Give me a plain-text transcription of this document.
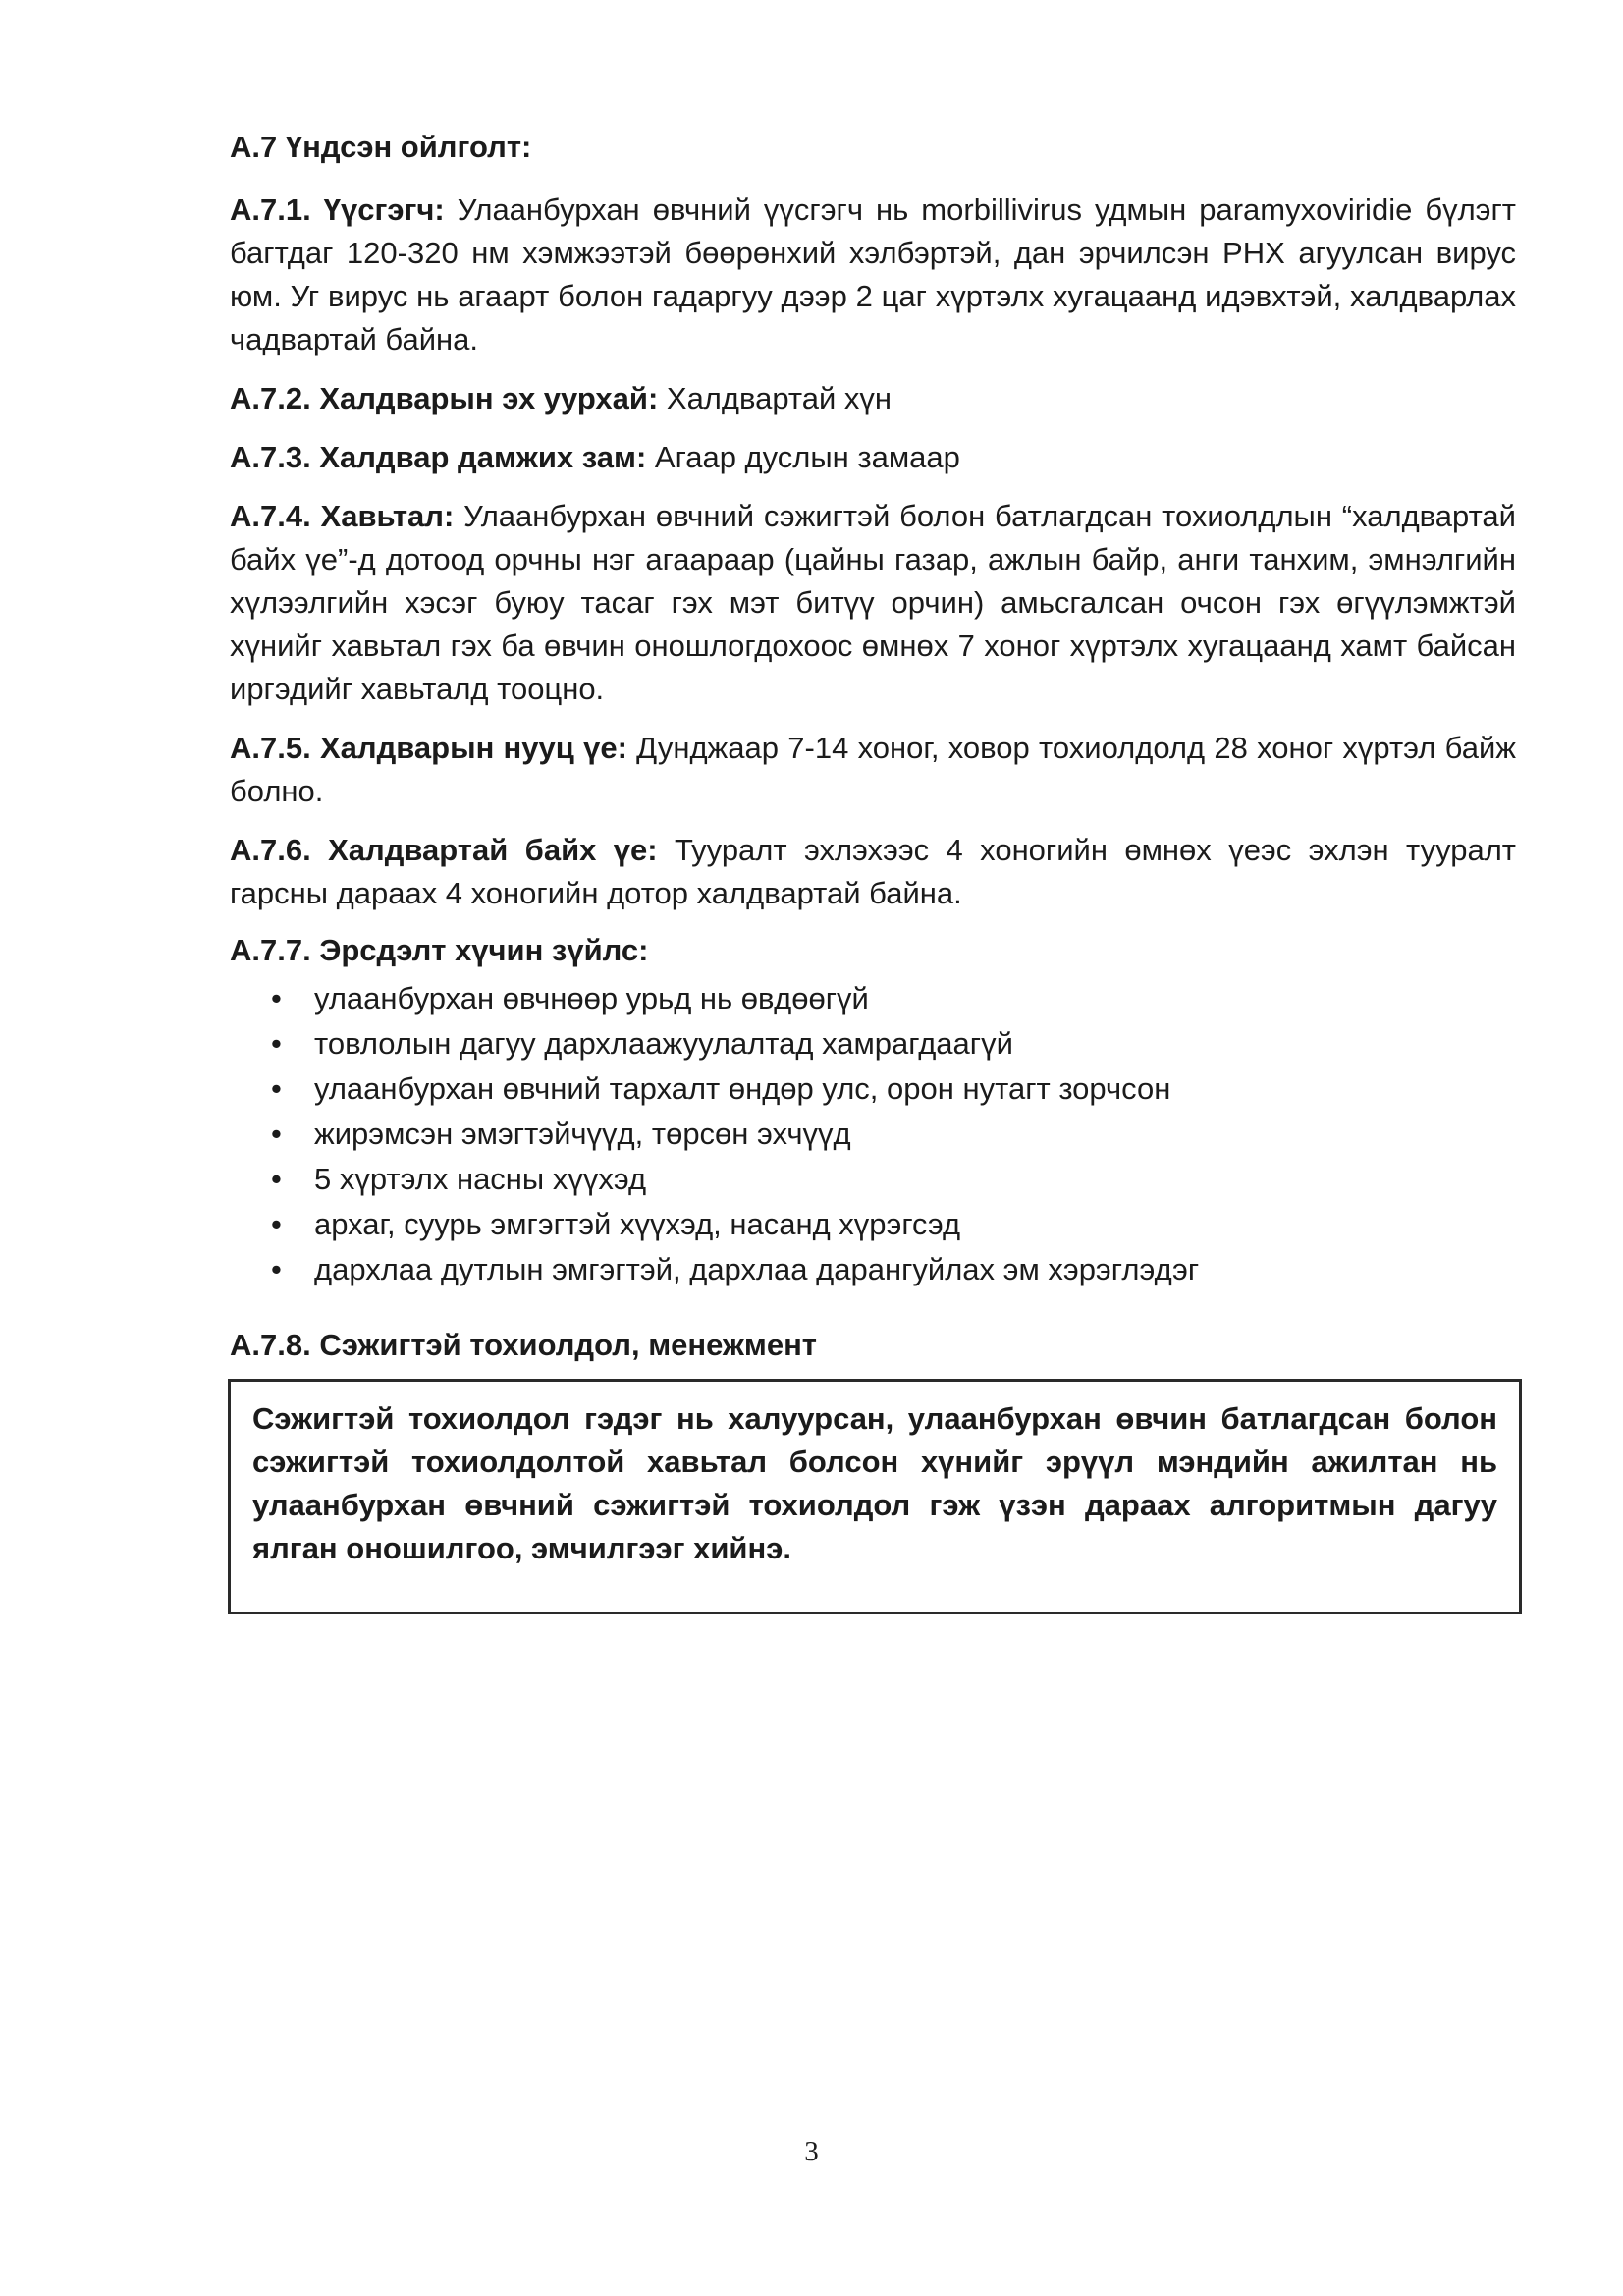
А.7 Үндсэн ойлголт:

А.7.1. Үүсгэгч: Улаанбурхан өвчний үүсгэгч нь morbillivirus удмын paramyxoviridie бүлэгт багтдаг 120-320 нм хэмжээтэй бөөрөнхий хэлбэртэй, дан эрчилсэн РНХ агуулсан вирус юм. Уг вирус нь агаарт болон гадаргуу дээр 2 цаг хүртэлх хугацаанд идэвхтэй, халдварлах чадвартай байна.

А.7.2. Халдварын эх уурхай: Халдвартай хүн

А.7.3. Халдвар дамжих зам: Агаар дуслын замаар

А.7.4. Хавьтал: Улаанбурхан өвчний сэжигтэй болон батлагдсан тохиолдлын “халдвартай байх үе”-д дотоод орчны нэг агаараар (цайны газар, ажлын байр, анги танхим, эмнэлгийн хүлээлгийн хэсэг буюу тасаг гэх мэт битүү орчин) амьсгалсан очсон гэх өгүүлэмжтэй хүнийг хавьтал гэх ба өвчин оношлогдохоос өмнөх 7 хоног хүртэлх хугацаанд хамт байсан иргэдийг хавьталд тооцно.

А.7.5. Халдварын нууц үе: Дунджаар 7-14 хоног, ховор тохиолдолд 28 хоног хүртэл байж болно.

А.7.6. Халдвартай байх үе: Тууралт эхлэхээс 4 хоногийн өмнөх үеэс эхлэн тууралт гарсны дараах 4 хоногийн дотор халдвартай байна.

А.7.7. Эрсдэлт хүчин зүйлс:
• улаанбурхан өвчнөөр урьд нь өвдөөгүй
• товлолын дагуу дархлаажуулалтад хамрагдаагүй
• улаанбурхан өвчний тархалт өндөр улс, орон нутагт зорчсон
• жирэмсэн эмэгтэйчүүд, төрсөн эхчүүд
• 5 хүртэлх насны хүүхэд
• архаг, суурь эмгэгтэй хүүхэд, насанд хүрэгсэд
• дархлаа дутлын эмгэгтэй, дархлаа дарангуйлах эм хэрэглэдэг
А.7.8. Сэжигтэй тохиолдол, менежмент
Сэжигтэй тохиолдол гэдэг нь халуурсан, улаанбурхан өвчин батлагдсан болон сэжигтэй тохиолдолтой хавьтал болсон хүнийг эрүүл мэндийн ажилтан нь улаанбурхан өвчний сэжигтэй тохиолдол гэж үзэн дараах алгоритмын дагуу ялган оношилгоо, эмчилгээг хийнэ.
3
